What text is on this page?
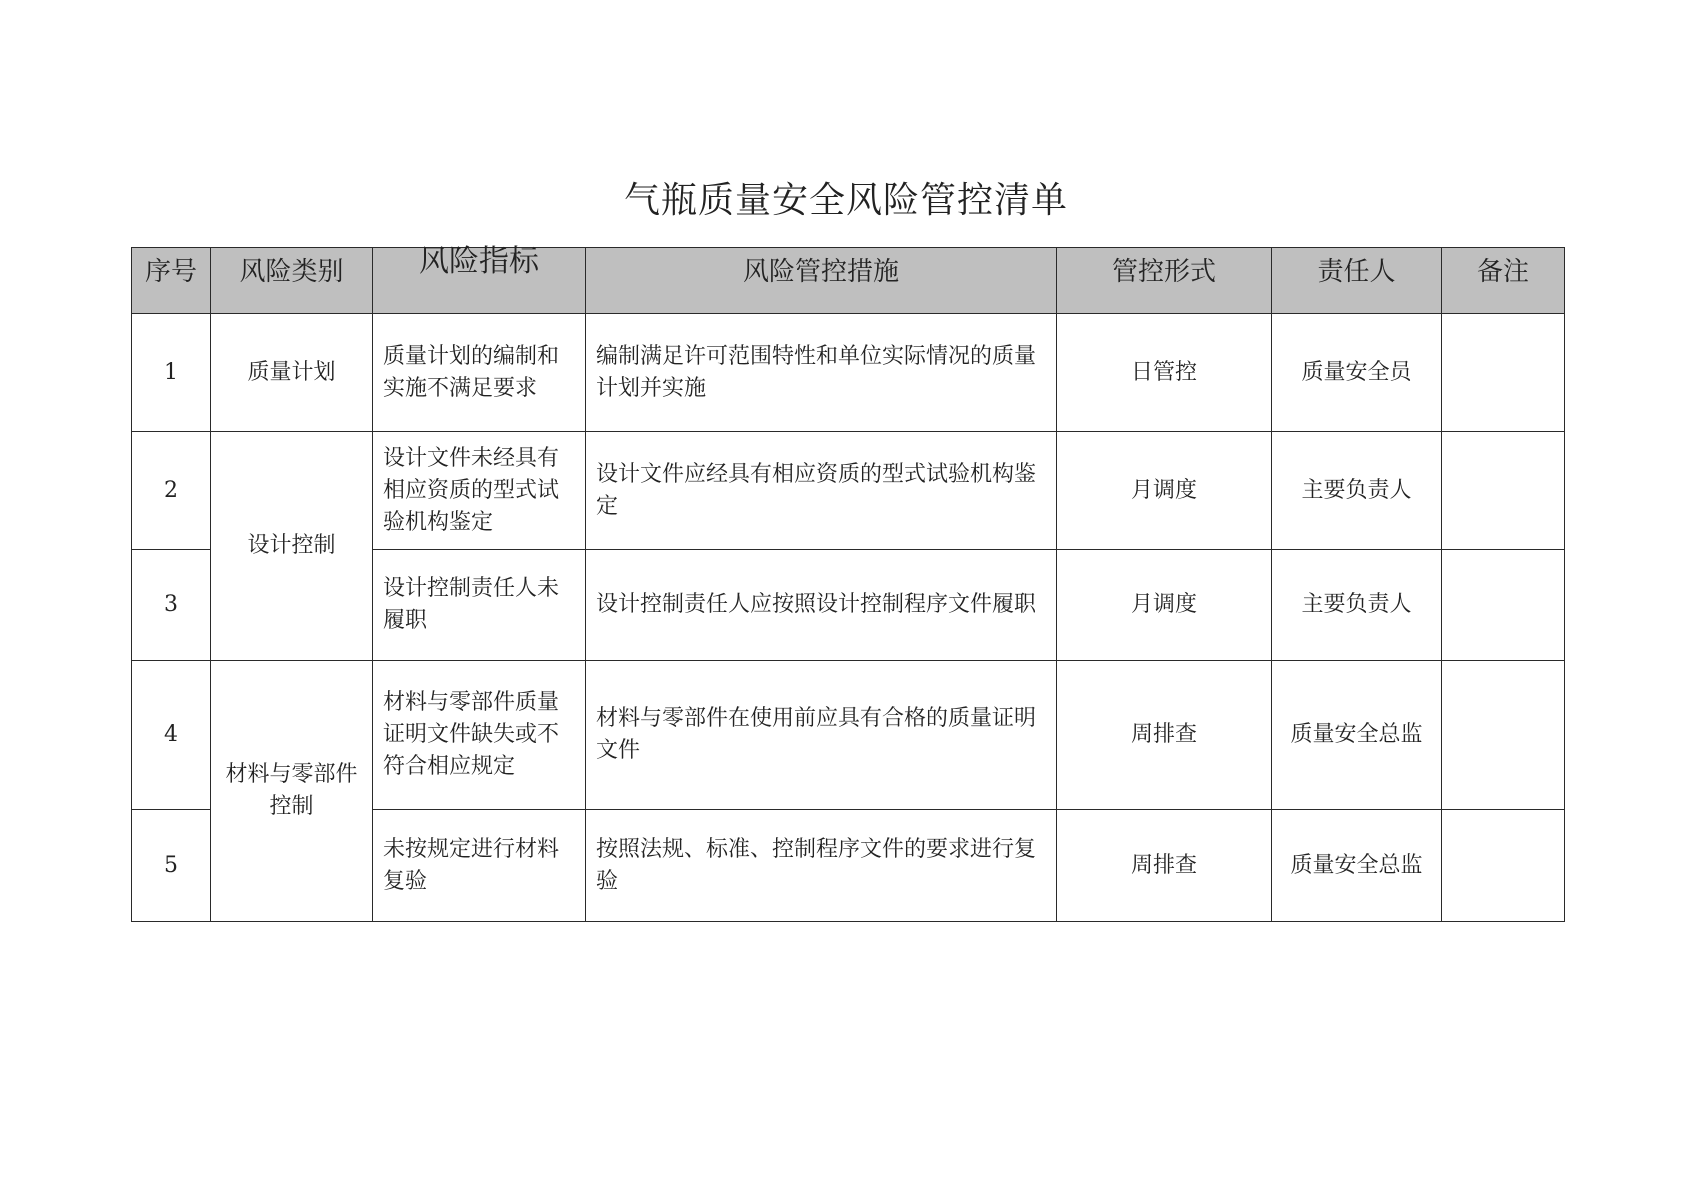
气瓶质量安全风险管控清单
序号	风险类别	风险指标	风险管控措施	管控形式	责任人	备注
1	质量计划	质量计划的编制和实施不满足要求	编制满足许可范围特性和单位实际情况的质量计划并实施	日管控	质量安全员	
2	设计控制	设计文件未经具有相应资质的型式试验机构鉴定	设计文件应经具有相应资质的型式试验机构鉴定	月调度	主要负责人	
3		设计控制责任人未履职	设计控制责任人应按照设计控制程序文件履职	月调度	主要负责人	
4	材料与零部件控制	材料与零部件质量证明文件缺失或不符合相应规定	材料与零部件在使用前应具有合格的质量证明文件	周排查	质量安全总监	
5		未按规定进行材料复验	按照法规、标准、控制程序文件的要求进行复验	周排查	质量安全总监	
